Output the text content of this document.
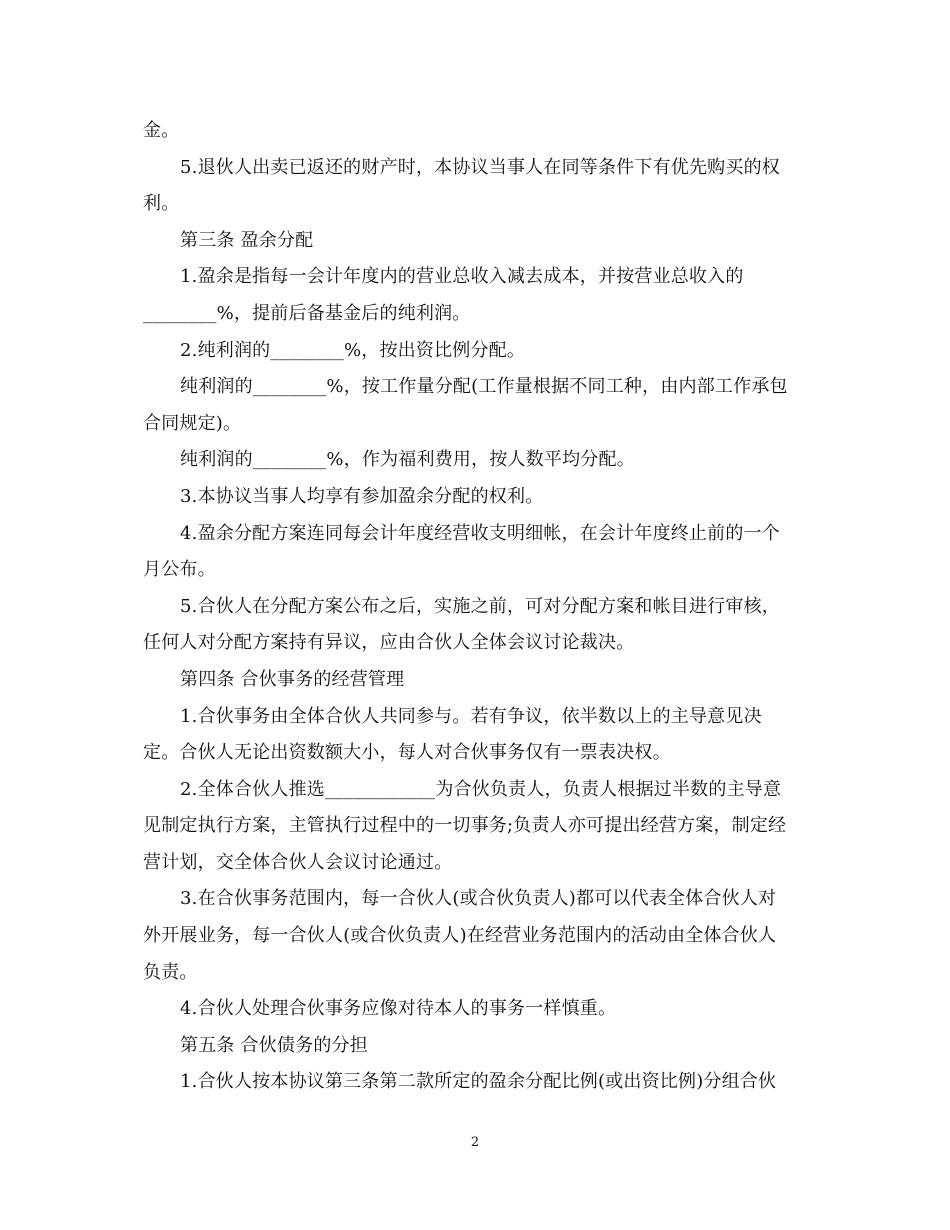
金。
5.退伙人出卖已返还的财产时，本协议当事人在同等条件下有优先购买的权
利。
第三条 盈余分配
1.盈余是指每一会计年度内的营业总收入减去成本，并按营业总收入的
________%，提前后备基金后的纯利润。
2.纯利润的________%，按出资比例分配。
纯利润的________%，按工作量分配(工作量根据不同工种，由内部工作承包
合同规定)。
纯利润的________%，作为福利费用，按人数平均分配。
3.本协议当事人均享有参加盈余分配的权利。
4.盈余分配方案连同每会计年度经营收支明细帐，在会计年度终止前的一个
月公布。
5.合伙人在分配方案公布之后，实施之前，可对分配方案和帐目进行审核，
任何人对分配方案持有异议，应由合伙人全体会议讨论裁决。
第四条 合伙事务的经营管理
1.合伙事务由全体合伙人共同参与。若有争议，依半数以上的主导意见决
定。合伙人无论出资数额大小，每人对合伙事务仅有一票表决权。
2.全体合伙人推选____________为合伙负责人，负责人根据过半数的主导意
见制定执行方案，主管执行过程中的一切事务;负责人亦可提出经营方案，制定经
营计划，交全体合伙人会议讨论通过。
3.在合伙事务范围内，每一合伙人(或合伙负责人)都可以代表全体合伙人对
外开展业务，每一合伙人(或合伙负责人)在经营业务范围内的活动由全体合伙人
负责。
4.合伙人处理合伙事务应像对待本人的事务一样慎重。
第五条 合伙债务的分担
1.合伙人按本协议第三条第二款所定的盈余分配比例(或出资比例)分组合伙
2
